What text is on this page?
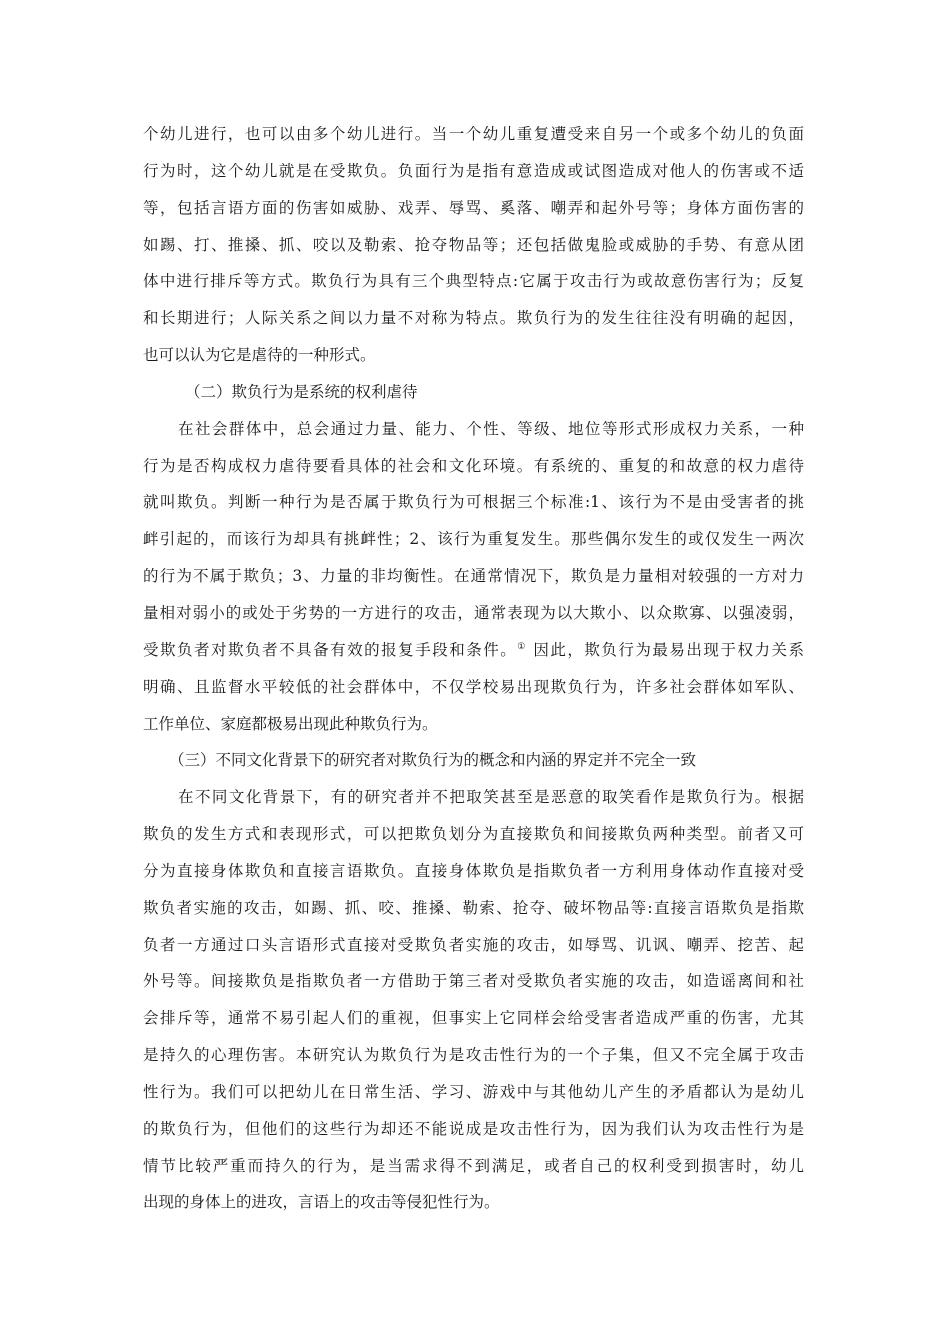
个幼儿进行，也可以由多个幼儿进行。当一个幼儿重复遭受来自另一个或多个幼儿的负面
行为时，这个幼儿就是在受欺负。负面行为是指有意造成或试图造成对他人的伤害或不适
等，包括言语方面的伤害如威胁、戏弄、辱骂、奚落、嘲弄和起外号等；身体方面伤害的
如踢、打、推搡、抓、咬以及勒索、抢夺物品等；还包括做鬼脸或威胁的手势、有意从团
体中进行排斥等方式。欺负行为具有三个典型特点:它属于攻击行为或故意伤害行为；反复
和长期进行；人际关系之间以力量不对称为特点。欺负行为的发生往往没有明确的起因，
也可以认为它是虐待的一种形式。
（二）欺负行为是系统的权利虐待
在社会群体中，总会通过力量、能力、个性、等级、地位等形式形成权力关系，一种
行为是否构成权力虐待要看具体的社会和文化环境。有系统的、重复的和故意的权力虐待
就叫欺负。判断一种行为是否属于欺负行为可根据三个标准:1、该行为不是由受害者的挑
衅引起的，而该行为却具有挑衅性；2、该行为重复发生。那些偶尔发生的或仅发生一两次
的行为不属于欺负；3、力量的非均衡性。在通常情况下，欺负是力量相对较强的一方对力
量相对弱小的或处于劣势的一方进行的攻击，通常表现为以大欺小、以众欺寡、以强凌弱，
受欺负者对欺负者不具备有效的报复手段和条件。① 因此，欺负行为最易出现于权力关系
明确、且监督水平较低的社会群体中，不仅学校易出现欺负行为，许多社会群体如军队、
工作单位、家庭都极易出现此种欺负行为。
（三）不同文化背景下的研究者对欺负行为的概念和内涵的界定并不完全一致
在不同文化背景下，有的研究者并不把取笑甚至是恶意的取笑看作是欺负行为。根据
欺负的发生方式和表现形式，可以把欺负划分为直接欺负和间接欺负两种类型。前者又可
分为直接身体欺负和直接言语欺负。直接身体欺负是指欺负者一方利用身体动作直接对受
欺负者实施的攻击，如踢、抓、咬、推搡、勒索、抢夺、破坏物品等:直接言语欺负是指欺
负者一方通过口头言语形式直接对受欺负者实施的攻击，如辱骂、讥讽、嘲弄、挖苦、起
外号等。间接欺负是指欺负者一方借助于第三者对受欺负者实施的攻击，如造谣离间和社
会排斥等，通常不易引起人们的重视，但事实上它同样会给受害者造成严重的伤害，尤其
是持久的心理伤害。本研究认为欺负行为是攻击性行为的一个子集，但又不完全属于攻击
性行为。我们可以把幼儿在日常生活、学习、游戏中与其他幼儿产生的矛盾都认为是幼儿
的欺负行为，但他们的这些行为却还不能说成是攻击性行为，因为我们认为攻击性行为是
情节比较严重而持久的行为，是当需求得不到满足，或者自己的权利受到损害时，幼儿
出现的身体上的进攻，言语上的攻击等侵犯性行为。
